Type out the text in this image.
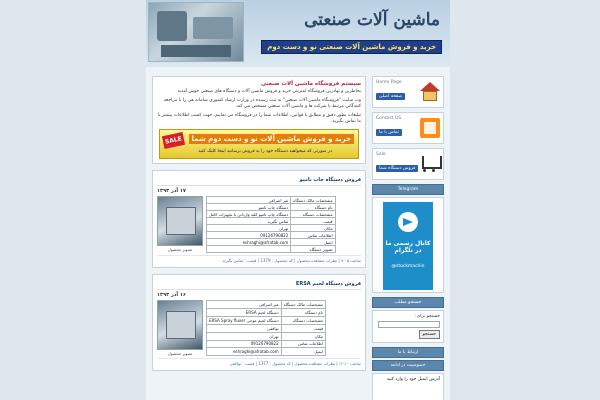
ماشین آلات صنعتی
خرید و فروش ماشین آلات صنعتی نو و دست دوم
سیستم فروشگاه ماشین آلات صنعتی
بخاطرين و تهادرين فروشگاه اينترنتي خريد و فروش ماشين آلات و دستگاه هاي صنعتي خوش آمديد
وب سايت "فروشگاه ماشين آلات صنعتي" به ثبت رسيده در وزارت ارشاد کشوري سامانه هي را با مراجعه کنندگاني مرتبط با شرکت ها و ماشين آلات صنعتي مشخص مي کند.
تبليغات بطور دقيق و مطابق با قوانين، اطلاعات شما را در فروشگاه مي نماييم. جهت کسب اطلاعات بيشتر با ما تماس بگيريد.
خرید و فروش ماشین آلات نو و دست دوم شما
در صورتی که میخواهید دستگاه خود را به فروش برسانید اینجا کلیک کنید
SALE
فروش دستگاه چاپ تامپو
۱۷ آذر ۱۳۹۳
تصویر محصول
مشخصات مالک دستگاه	غیر اشرافی
نام دستگاه	دستگاه چاپ تامپو
مشخصات دستگاه	دستگاه چاپ تامپو کلید وارداتی با تجهیزات کامل
قیمت	تماس بگیرید
مکان	تهران
اطلاعات تماس	09126790822
ایمیل	eshraghi@afratab.com
تصویر دستگاه	
ساعت ۹:۰۵ | نظرات مشاهده محصول | کد محصول : 1379 | قیمت : تماس بگیرید
فروش دستگاه لحیم ERSA
۱۶ آذر ۱۳۹۳
تصویر محصول
مشخصات مالک دستگاه	غیر اشرافی
نام دستگاه	دستگاه لحیم ERSA
مشخصات دستگاه	دستگاه لحیم موجی ERSA Spray fluxer
قیمت	توافقی
مکان	تهران
اطلاعات تماس	09126790822
ایمیل	eshraghi@afratab.com
ساعت ۱۲:۱۰ | نظرات مشاهده محصول | کد محصول : 1377 | قیمت : توافقی
Home Page
صفحه اصلی
Contact US
تماس با ما
Sale
فروش دستگاه شما
Telegram
کانال رسمی ما در تلگرام
@stockmachin
جستجو مطلب
جستجو برای:
جستجو
ارتباط با ما
خصوصیت در ادامه
آدرس ایمیل خود را وارد کنید
